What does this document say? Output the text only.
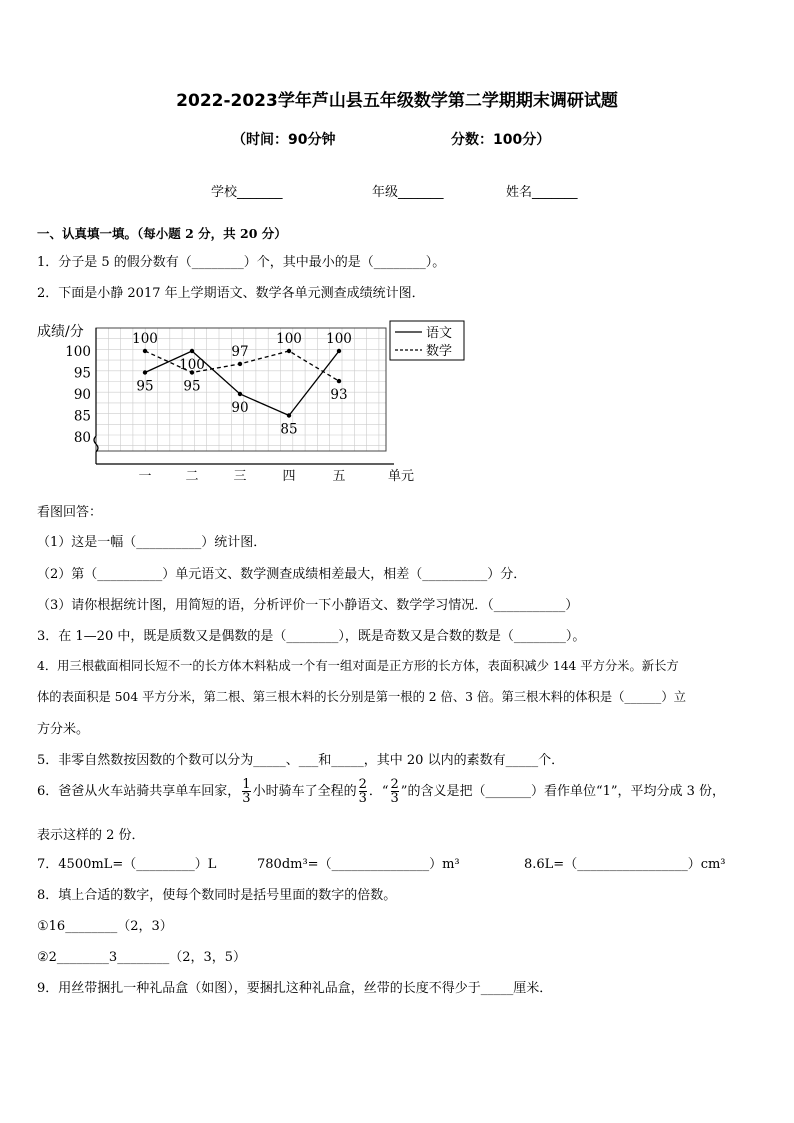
2022-2023学年芦山县五年级数学第二学期期末调研试题
（时间：90分钟	分数：100分）
学校_______	年级_______	姓名_______
一、认真填一填。（每小题 2 分，共 20 分）
1．分子是 5 的假分数有（________）个，其中最小的是（________）。
2．下面是小静 2017 年上学期语文、数学各单元测查成绩统计图．
成绩/分
80
85
90
95
100
一	二	三	四	五	单元
95
100
90
85
100
100
95
97
100
93
语文
数学
看图回答：
（1）这是一幅（__________）统计图．
（2）第（__________）单元语文、数学测查成绩相差最大，相差（__________）分．
（3）请你根据统计图，用简短的语，分析评价一下小静语文、数学学习情况．（___________）
3．在 1—20 中，既是质数又是偶数的是（________），既是奇数又是合数的数是（________）。
4．用三根截面相同长短不一的长方体木料粘成一个有一组对面是正方形的长方体，表面积减少 144 平方分米。新长方
体的表面积是 504 平方分米，第二根、第三根木料的长分别是第一根的 2 倍、3 倍。第三根木料的体积是（______）立
方分米。
5．非零自然数按因数的个数可以分为_____、___和_____，其中 20 以内的素数有_____个．
6．爸爸从火车站骑共享单车回家， $\frac{1}{3}$ 小时骑车了全程的 $\frac{2}{3}$ ．“ $\frac{2}{3}$ ”的含义是把（_______）看作单位“1”，平均分成 3 份，
表示这样的 2 份．
7．4500mL=（_________）L	780dm³=（_______________）m³	8.6L=（_________________）cm³
8．填上合适的数字，使每个数同时是括号里面的数字的倍数。
①16________（2，3）
②2________3________（2，3，5）
9．用丝带捆扎一种礼品盒（如图），要捆扎这种礼品盒，丝带的长度不得少于_____厘米．
